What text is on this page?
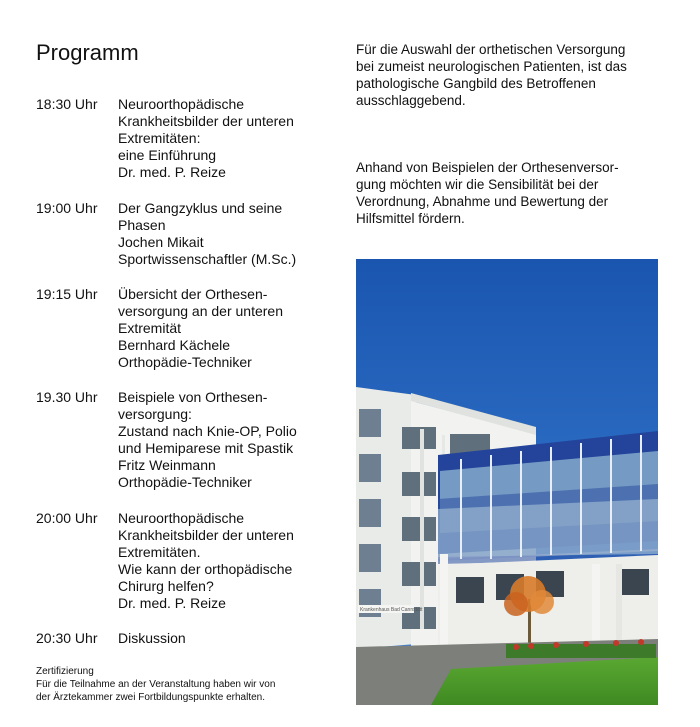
Programm
18:30 Uhr	Neuroorthopädische
Krankheitsbilder der unteren
Extremitäten:
eine Einführung
Dr. med. P. Reize
19:00 Uhr	Der Gangzyklus und seine
Phasen
Jochen Mikait
Sportwissenschaftler (M.Sc.)
19:15 Uhr	Übersicht der Orthesen-
versorgung an der unteren
Extremität
Bernhard Kächele
Orthopädie-Techniker
19.30 Uhr	Beispiele von Orthesen-
versorgung:
Zustand nach Knie-OP, Polio
und Hemiparese mit Spastik
Fritz Weinmann
Orthopädie-Techniker
20:00 Uhr	Neuroorthopädische
Krankheitsbilder der unteren
Extremitäten.
Wie kann der orthopädische
Chirurg helfen?
Dr. med. P. Reize
20:30 Uhr	Diskussion
Zertifizierung
Für die Teilnahme an der Veranstaltung haben wir von
der Ärztekammer zwei Fortbildungspunkte erhalten.
Für die Auswahl der orthetischen Versorgung
bei zumeist neurologischen Patienten, ist das
pathologische Gangbild des Betroffenen
ausschlaggebend.
Anhand von Beispielen der Orthesenversor-
gung möchten wir die Sensibilität bei der
Verordnung, Abnahme und Bewertung der
Hilfsmittel fördern.
Krankenhaus Bad Cannstatt
